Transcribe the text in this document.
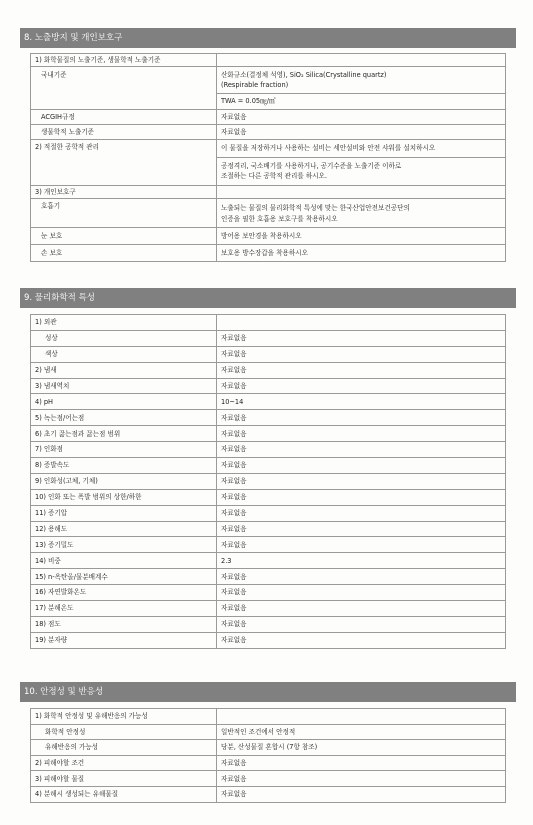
8. 노출방지 및 개인보호구
1) 화학물질의 노출기준, 생물학적 노출기준	
국내기준	산화규소(결정체 석영), SiO₂ Silica(Crystalline quartz)
(Respirable fraction)
TWA = 0.05㎎/㎥

ACGIH규정	자료없음
생물학적 노출기준	자료없음
2) 적절한 공학적 관리	이 물질을 저장하거나 사용하는 설비는 세안설비와 안전 샤워를 설치하시오
공정격리, 국소배기를 사용하거나, 공기수준을 노출기준 이하로
조절하는 다른 공학적 관리를 하시오.

3) 개인보호구	
호흡기	노출되는 물질의 물리화학적 특성에 맞는 한국산업안전보건공단의
인증을 필한 호흡용 보호구를 착용하시오

눈 보호	방어용 보안경을 착용하시오
손 보호	보호용 방수장갑을 착용하시오
9. 물리화학적 특성
1) 외관	
성상	자료없음
색상	자료없음
2) 냄새	자료없음
3) 냄새역치	자료없음
4) pH	10~14
5) 녹는점/어는점	자료없음
6) 초기 끓는점과 끓는점 범위	자료없음
7) 인화점	자료없음
8) 증발속도	자료없음
9) 인화성(고체, 기체)	자료없음
10) 인화 또는 폭발 범위의 상한/하한	자료없음
11) 증기압	자료없음
12) 용해도	자료없음
13) 증기밀도	자료없음
14) 비중	2.3
15) n-옥탄올/물분배계수	자료없음
16) 자연발화온도	자료없음
17) 분해온도	자료없음
18) 점도	자료없음
19) 분자량	자료없음
10. 안정성 및 반응성
1) 화학적 안정성 및 유해반응의 가능성	
화학적 안정성	일반적인 조건에서 안정적
유해반응의 가능성	당분, 산성물질 혼합시 (7항 참조)
2) 피해야할 조건	자료없음
3) 피해야할 물질	자료없음
4) 분해시 생성되는 유해물질	자료없음
